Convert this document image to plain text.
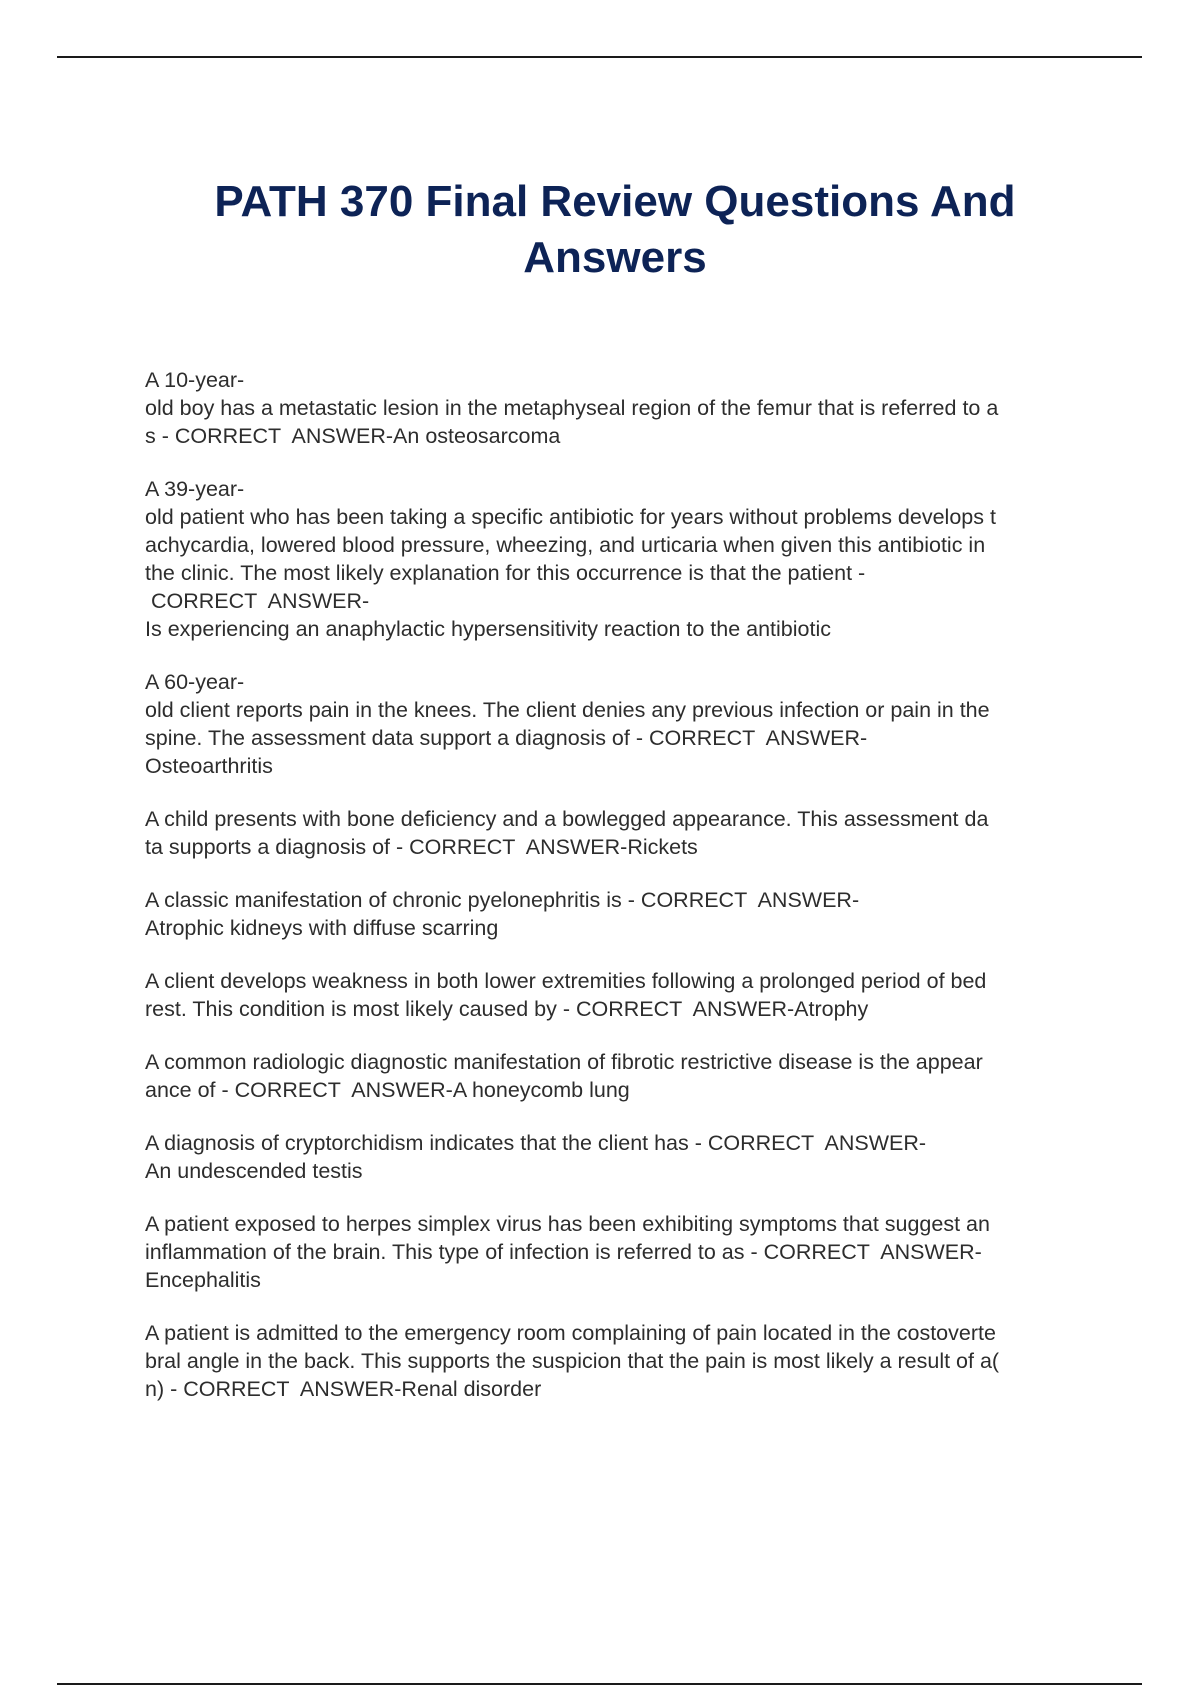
PATH 370 Final Review Questions And Answers
A 10-year-
old boy has a metastatic lesion in the metaphyseal region of the femur that is referred to a
s - CORRECT  ANSWER-An osteosarcoma
A 39-year-
old patient who has been taking a specific antibiotic for years without problems develops t
achycardia, lowered blood pressure, wheezing, and urticaria when given this antibiotic in
the clinic. The most likely explanation for this occurrence is that the patient -
CORRECT  ANSWER-
Is experiencing an anaphylactic hypersensitivity reaction to the antibiotic
A 60-year-
old client reports pain in the knees. The client denies any previous infection or pain in the
spine. The assessment data support a diagnosis of - CORRECT  ANSWER-
Osteoarthritis
A child presents with bone deficiency and a bowlegged appearance. This assessment da
ta supports a diagnosis of - CORRECT  ANSWER-Rickets
A classic manifestation of chronic pyelonephritis is - CORRECT  ANSWER-
Atrophic kidneys with diffuse scarring
A client develops weakness in both lower extremities following a prolonged period of bed
rest. This condition is most likely caused by - CORRECT  ANSWER-Atrophy
A common radiologic diagnostic manifestation of fibrotic restrictive disease is the appear
ance of - CORRECT  ANSWER-A honeycomb lung
A diagnosis of cryptorchidism indicates that the client has - CORRECT  ANSWER-
An undescended testis
A patient exposed to herpes simplex virus has been exhibiting symptoms that suggest an
inflammation of the brain. This type of infection is referred to as - CORRECT  ANSWER-
Encephalitis
A patient is admitted to the emergency room complaining of pain located in the costoverte
bral angle in the back. This supports the suspicion that the pain is most likely a result of a(
n) - CORRECT  ANSWER-Renal disorder
